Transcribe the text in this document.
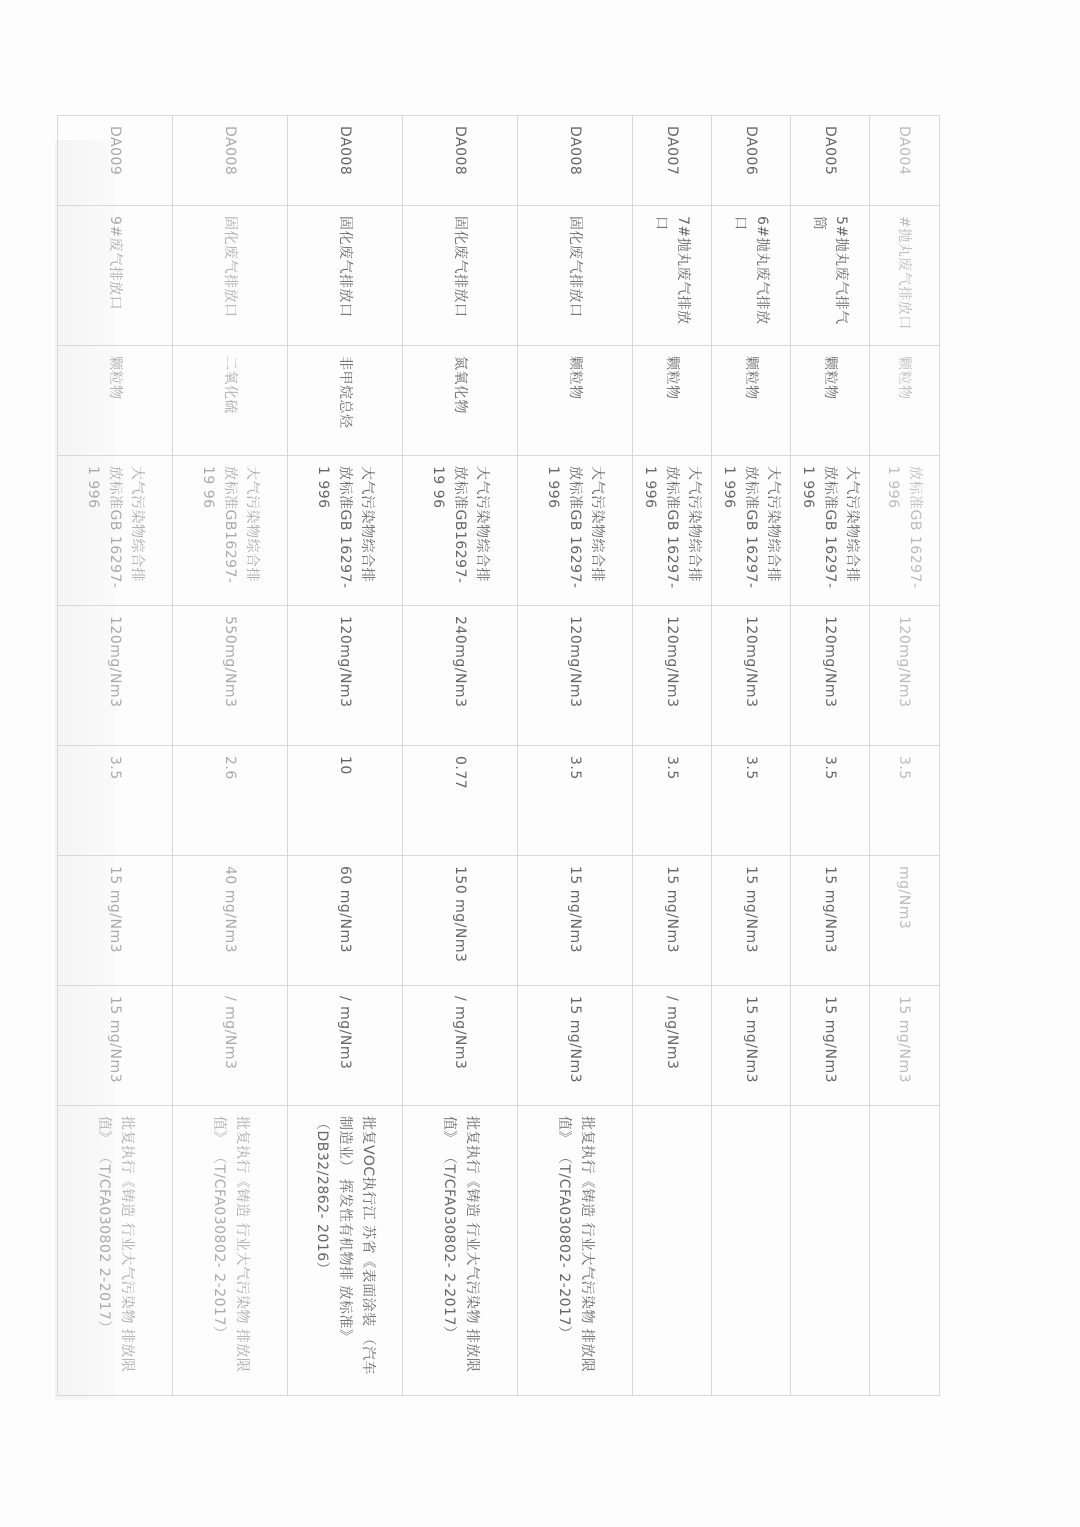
DA004	#抛丸废气排放口	颗粒物	放标准GB 16297-1 996	120mg/Nm3	3.5	mg/Nm3	15 mg/Nm3	
DA005	5#抛丸废气排气筒	颗粒物	大气污染物综合排 放标准GB 16297-1 996	120mg/Nm3	3.5	15 mg/Nm3	15 mg/Nm3	
DA006	6#抛丸废气排放口	颗粒物	大气污染物综合排 放标准GB 16297-1 996	120mg/Nm3	3.5	15 mg/Nm3	15 mg/Nm3	
DA007	7#抛丸废气排放口	颗粒物	大气污染物综合排 放标准GB 16297-1 996	120mg/Nm3	3.5	15 mg/Nm3	/ mg/Nm3	
DA008	固化废气排放口	颗粒物	大气污染物综合排 放标准GB 16297-1 996	120mg/Nm3	3.5	15 mg/Nm3	15 mg/Nm3	批复执行《铸造 行业大气污染物 排放限值》 （T/CFA030802- 2-2017）
DA008	固化废气排放口	氮氧化物	大气污染物综合排 放标准GB16297-19 96	240mg/Nm3	0.77	150 mg/Nm3	/ mg/Nm3	批复执行《铸造 行业大气污染物 排放限值》 （T/CFA030802- 2-2017）
DA008	固化废气排放口	非甲烷总烃	大气污染物综合排 放标准GB 16297-1 996	120mg/Nm3	10	60 mg/Nm3	/ mg/Nm3	批复VOC执行江 苏省《表面涂装 （汽车制造业） 挥发性有机物排 放标准》 （DB32/2862- 2016）
DA008	固化废气排放口	二氧化硫	大气污染物综合排 放标准GB16297-19 96	550mg/Nm3	2.6	40 mg/Nm3	/ mg/Nm3	批复执行《铸造 行业大气污染物 排放限值》 （T/CFA030802- 2-2017）
DA009	9#废气排放口	颗粒物	大气污染物综合排 放标准GB 16297-1 996	120mg/Nm3	3.5	15 mg/Nm3	15 mg/Nm3	批复执行《铸造 行业大气污染物 排放限值》 （T/CFA030802 2-2017）
